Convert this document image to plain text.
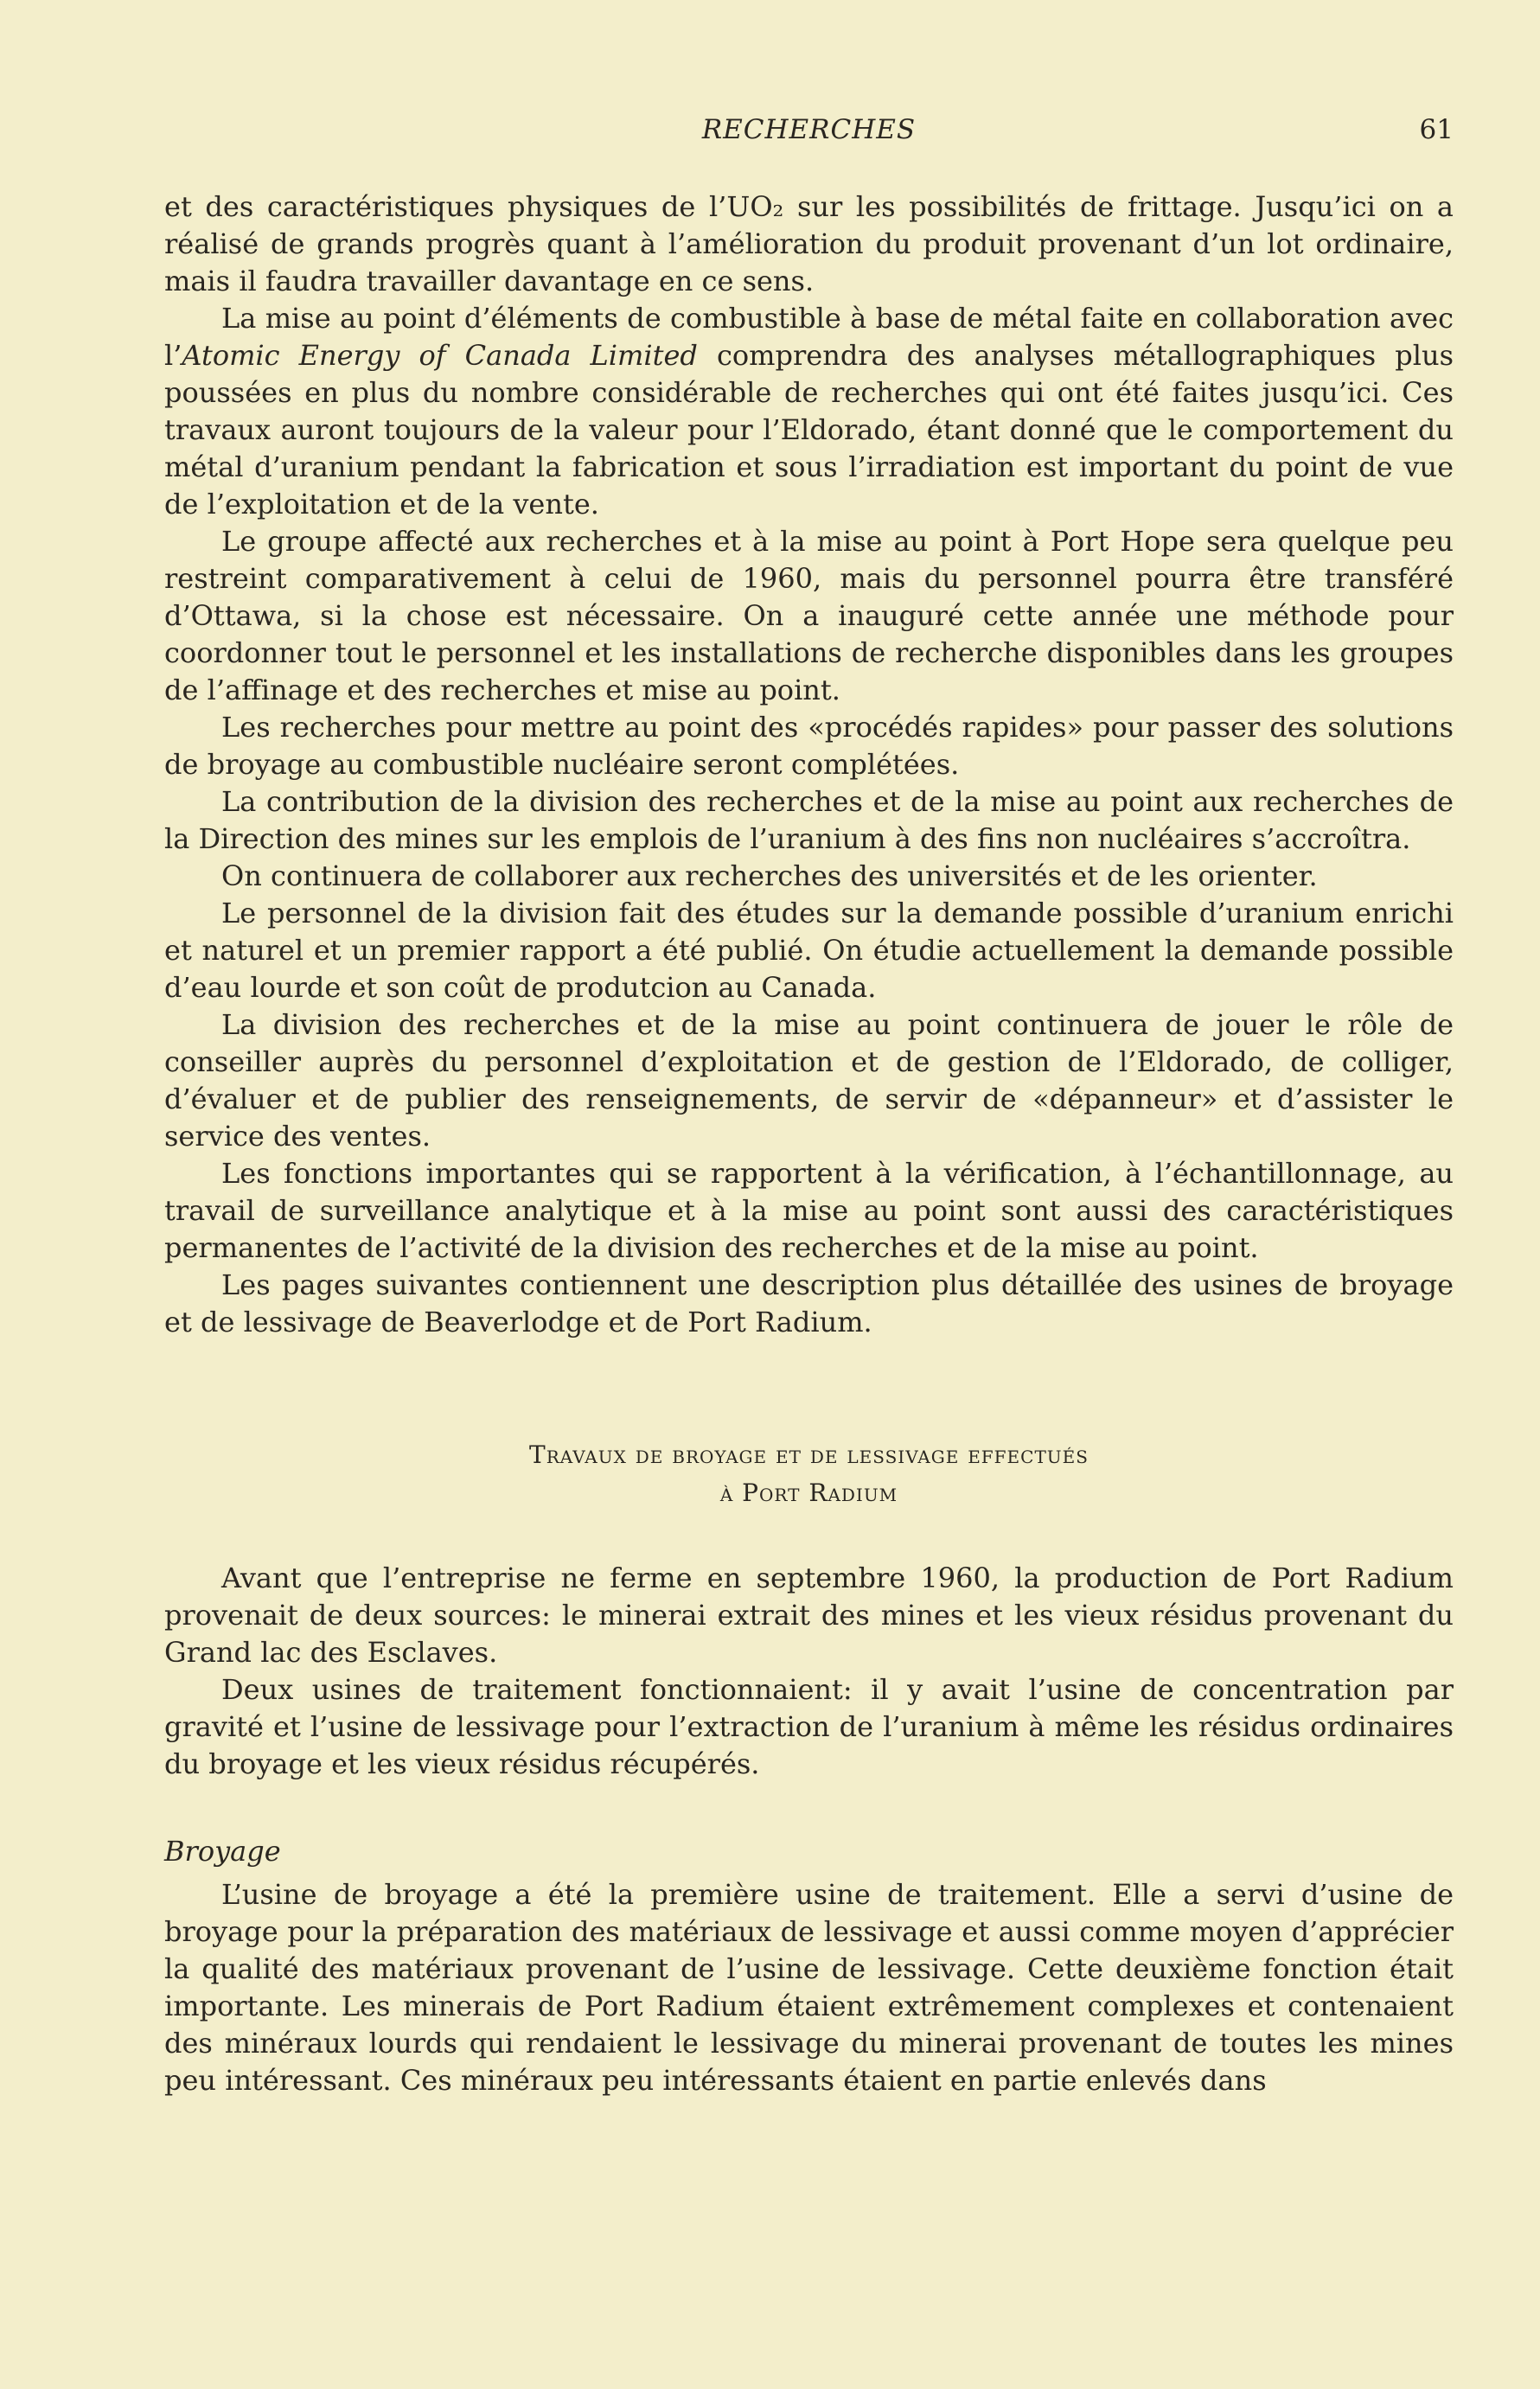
RECHERCHES	61

et des caractéristiques physiques de l’UO₂ sur les possibilités de frittage. Jusqu’ici on a réalisé de grands progrès quant à l’amélioration du produit provenant d’un lot ordinaire, mais il faudra travailler davantage en ce sens.

La mise au point d’éléments de combustible à base de métal faite en collaboration avec l’Atomic Energy of Canada Limited comprendra des analyses métallographiques plus poussées en plus du nombre considérable de recherches qui ont été faites jusqu’ici. Ces travaux auront toujours de la valeur pour l’Eldorado, étant donné que le comportement du métal d’uranium pendant la fabrication et sous l’irradiation est important du point de vue de l’exploitation et de la vente.

Le groupe affecté aux recherches et à la mise au point à Port Hope sera quelque peu restreint comparativement à celui de 1960, mais du personnel pourra être transféré d’Ottawa, si la chose est nécessaire. On a inauguré cette année une méthode pour coordonner tout le personnel et les installations de recherche disponibles dans les groupes de l’affinage et des recherches et mise au point.

Les recherches pour mettre au point des «procédés rapides» pour passer des solutions de broyage au combustible nucléaire seront complétées.

La contribution de la division des recherches et de la mise au point aux recherches de la Direction des mines sur les emplois de l’uranium à des fins non nucléaires s’accroîtra.

On continuera de collaborer aux recherches des universités et de les orienter.

Le personnel de la division fait des études sur la demande possible d’uranium enrichi et naturel et un premier rapport a été publié. On étudie actuellement la demande possible d’eau lourde et son coût de produtcion au Canada.

La division des recherches et de la mise au point continuera de jouer le rôle de conseiller auprès du personnel d’exploitation et de gestion de l’Eldorado, de colliger, d’évaluer et de publier des renseignements, de servir de «dépanneur» et d’assister le service des ventes.

Les fonctions importantes qui se rapportent à la vérification, à l’échantillonnage, au travail de surveillance analytique et à la mise au point sont aussi des caractéristiques permanentes de l’activité de la division des recherches et de la mise au point.

Les pages suivantes contiennent une description plus détaillée des usines de broyage et de lessivage de Beaverlodge et de Port Radium.

Travaux de broyage et de lessivage effectués
à Port Radium

Avant que l’entreprise ne ferme en septembre 1960, la production de Port Radium provenait de deux sources: le minerai extrait des mines et les vieux résidus provenant du Grand lac des Esclaves.

Deux usines de traitement fonctionnaient: il y avait l’usine de concentration par gravité et l’usine de lessivage pour l’extraction de l’uranium à même les résidus ordinaires du broyage et les vieux résidus récupérés.

Broyage

L’usine de broyage a été la première usine de traitement. Elle a servi d’usine de broyage pour la préparation des matériaux de lessivage et aussi comme moyen d’apprécier la qualité des matériaux provenant de l’usine de lessivage. Cette deuxième fonction était importante. Les minerais de Port Radium étaient extrêmement complexes et contenaient des minéraux lourds qui rendaient le lessivage du minerai provenant de toutes les mines peu intéressant. Ces minéraux peu intéressants étaient en partie enlevés dans
